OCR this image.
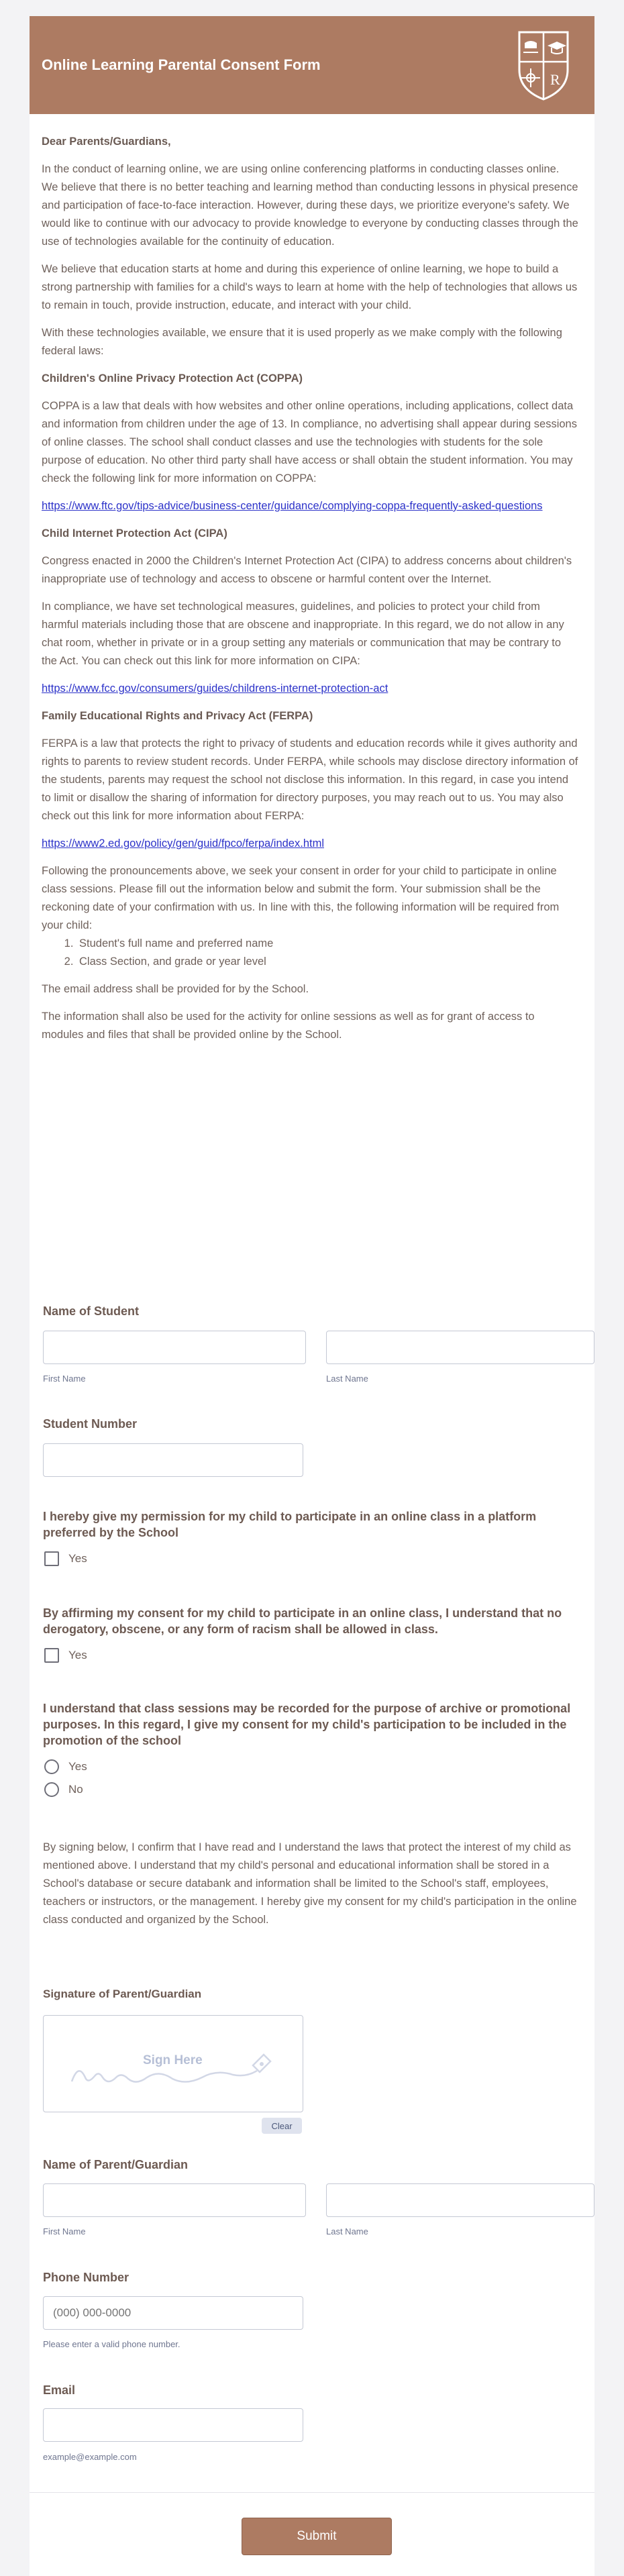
Online Learning Parental Consent Form
R

Dear Parents/Guardians,

In the conduct of learning online, we are using online conferencing platforms in conducting classes online. We believe that there is no better teaching and learning method than conducting lessons in physical presence and participation of face-to-face interaction. However, during these days, we prioritize everyone's safety. We would like to continue with our advocacy to provide knowledge to everyone by conducting classes through the use of technologies available for the continuity of education.

We believe that education starts at home and during this experience of online learning, we hope to build a strong partnership with families for a child's ways to learn at home with the help of technologies that allows us to remain in touch, provide instruction, educate, and interact with your child.

With these technologies available, we ensure that it is used properly as we make comply with the following federal laws:

Children's Online Privacy Protection Act (COPPA)

COPPA is a law that deals with how websites and other online operations, including applications, collect data and information from children under the age of 13. In compliance, no advertising shall appear during sessions of online classes. The school shall conduct classes and use the technologies with students for the sole purpose of education. No other third party shall have access or shall obtain the student information. You may check the following link for more information on COPPA:

https://www.ftc.gov/tips-advice/business-center/guidance/complying-coppa-frequently-asked-questions

Child Internet Protection Act (CIPA)

Congress enacted in 2000 the Children's Internet Protection Act (CIPA) to address concerns about children's inappropriate use of technology and access to obscene or harmful content over the Internet.

In compliance, we have set technological measures, guidelines, and policies to protect your child from harmful materials including those that are obscene and inappropriate. In this regard, we do not allow in any chat room, whether in private or in a group setting any materials or communication that may be contrary to the Act. You can check out this link for more information on CIPA:

https://www.fcc.gov/consumers/guides/childrens-internet-protection-act

Family Educational Rights and Privacy Act (FERPA)

FERPA is a law that protects the right to privacy of students and education records while it gives authority and rights to parents to review student records. Under FERPA, while schools may disclose directory information of the students, parents may request the school not disclose this information. In this regard, in case you intend to limit or disallow the sharing of information for directory purposes, you may reach out to us. You may also check out this link for more information about FERPA:

https://www2.ed.gov/policy/gen/guid/fpco/ferpa/index.html

Following the pronouncements above, we seek your consent in order for your child to participate in online class sessions. Please fill out the information below and submit the form. Your submission shall be the reckoning date of your confirmation with us. In line with this, the following information will be required from your child:

1. Student's full name and preferred name
2. Class Section, and grade or year level

The email address shall be provided for by the School.

The information shall also be used for the activity for online sessions as well as for grant of access to modules and files that shall be provided online by the School.

Name of Student
First Name	Last Name
Student Number
I hereby give my permission for my child to participate in an online class in a platform preferred by the School
Yes
By affirming my consent for my child to participate in an online class, I understand that no derogatory, obscene, or any form of racism shall be allowed in class.
Yes
I understand that class sessions may be recorded for the purpose of archive or promotional purposes. In this regard, I give my consent for my child's participation to be included in the promotion of the school
Yes
No
By signing below, I confirm that I have read and I understand the laws that protect the interest of my child as mentioned above. I understand that my child's personal and educational information shall be stored in a School's database or secure databank and information shall be limited to the School's staff, employees, teachers or instructors, or the management. I hereby give my consent for my child's participation in the online class conducted and organized by the School.
Signature of Parent/Guardian
Sign Here
Clear
Name of Parent/Guardian
First Name	Last Name
Phone Number
(000) 000-0000
Please enter a valid phone number.
Email
example@example.com
Submit
